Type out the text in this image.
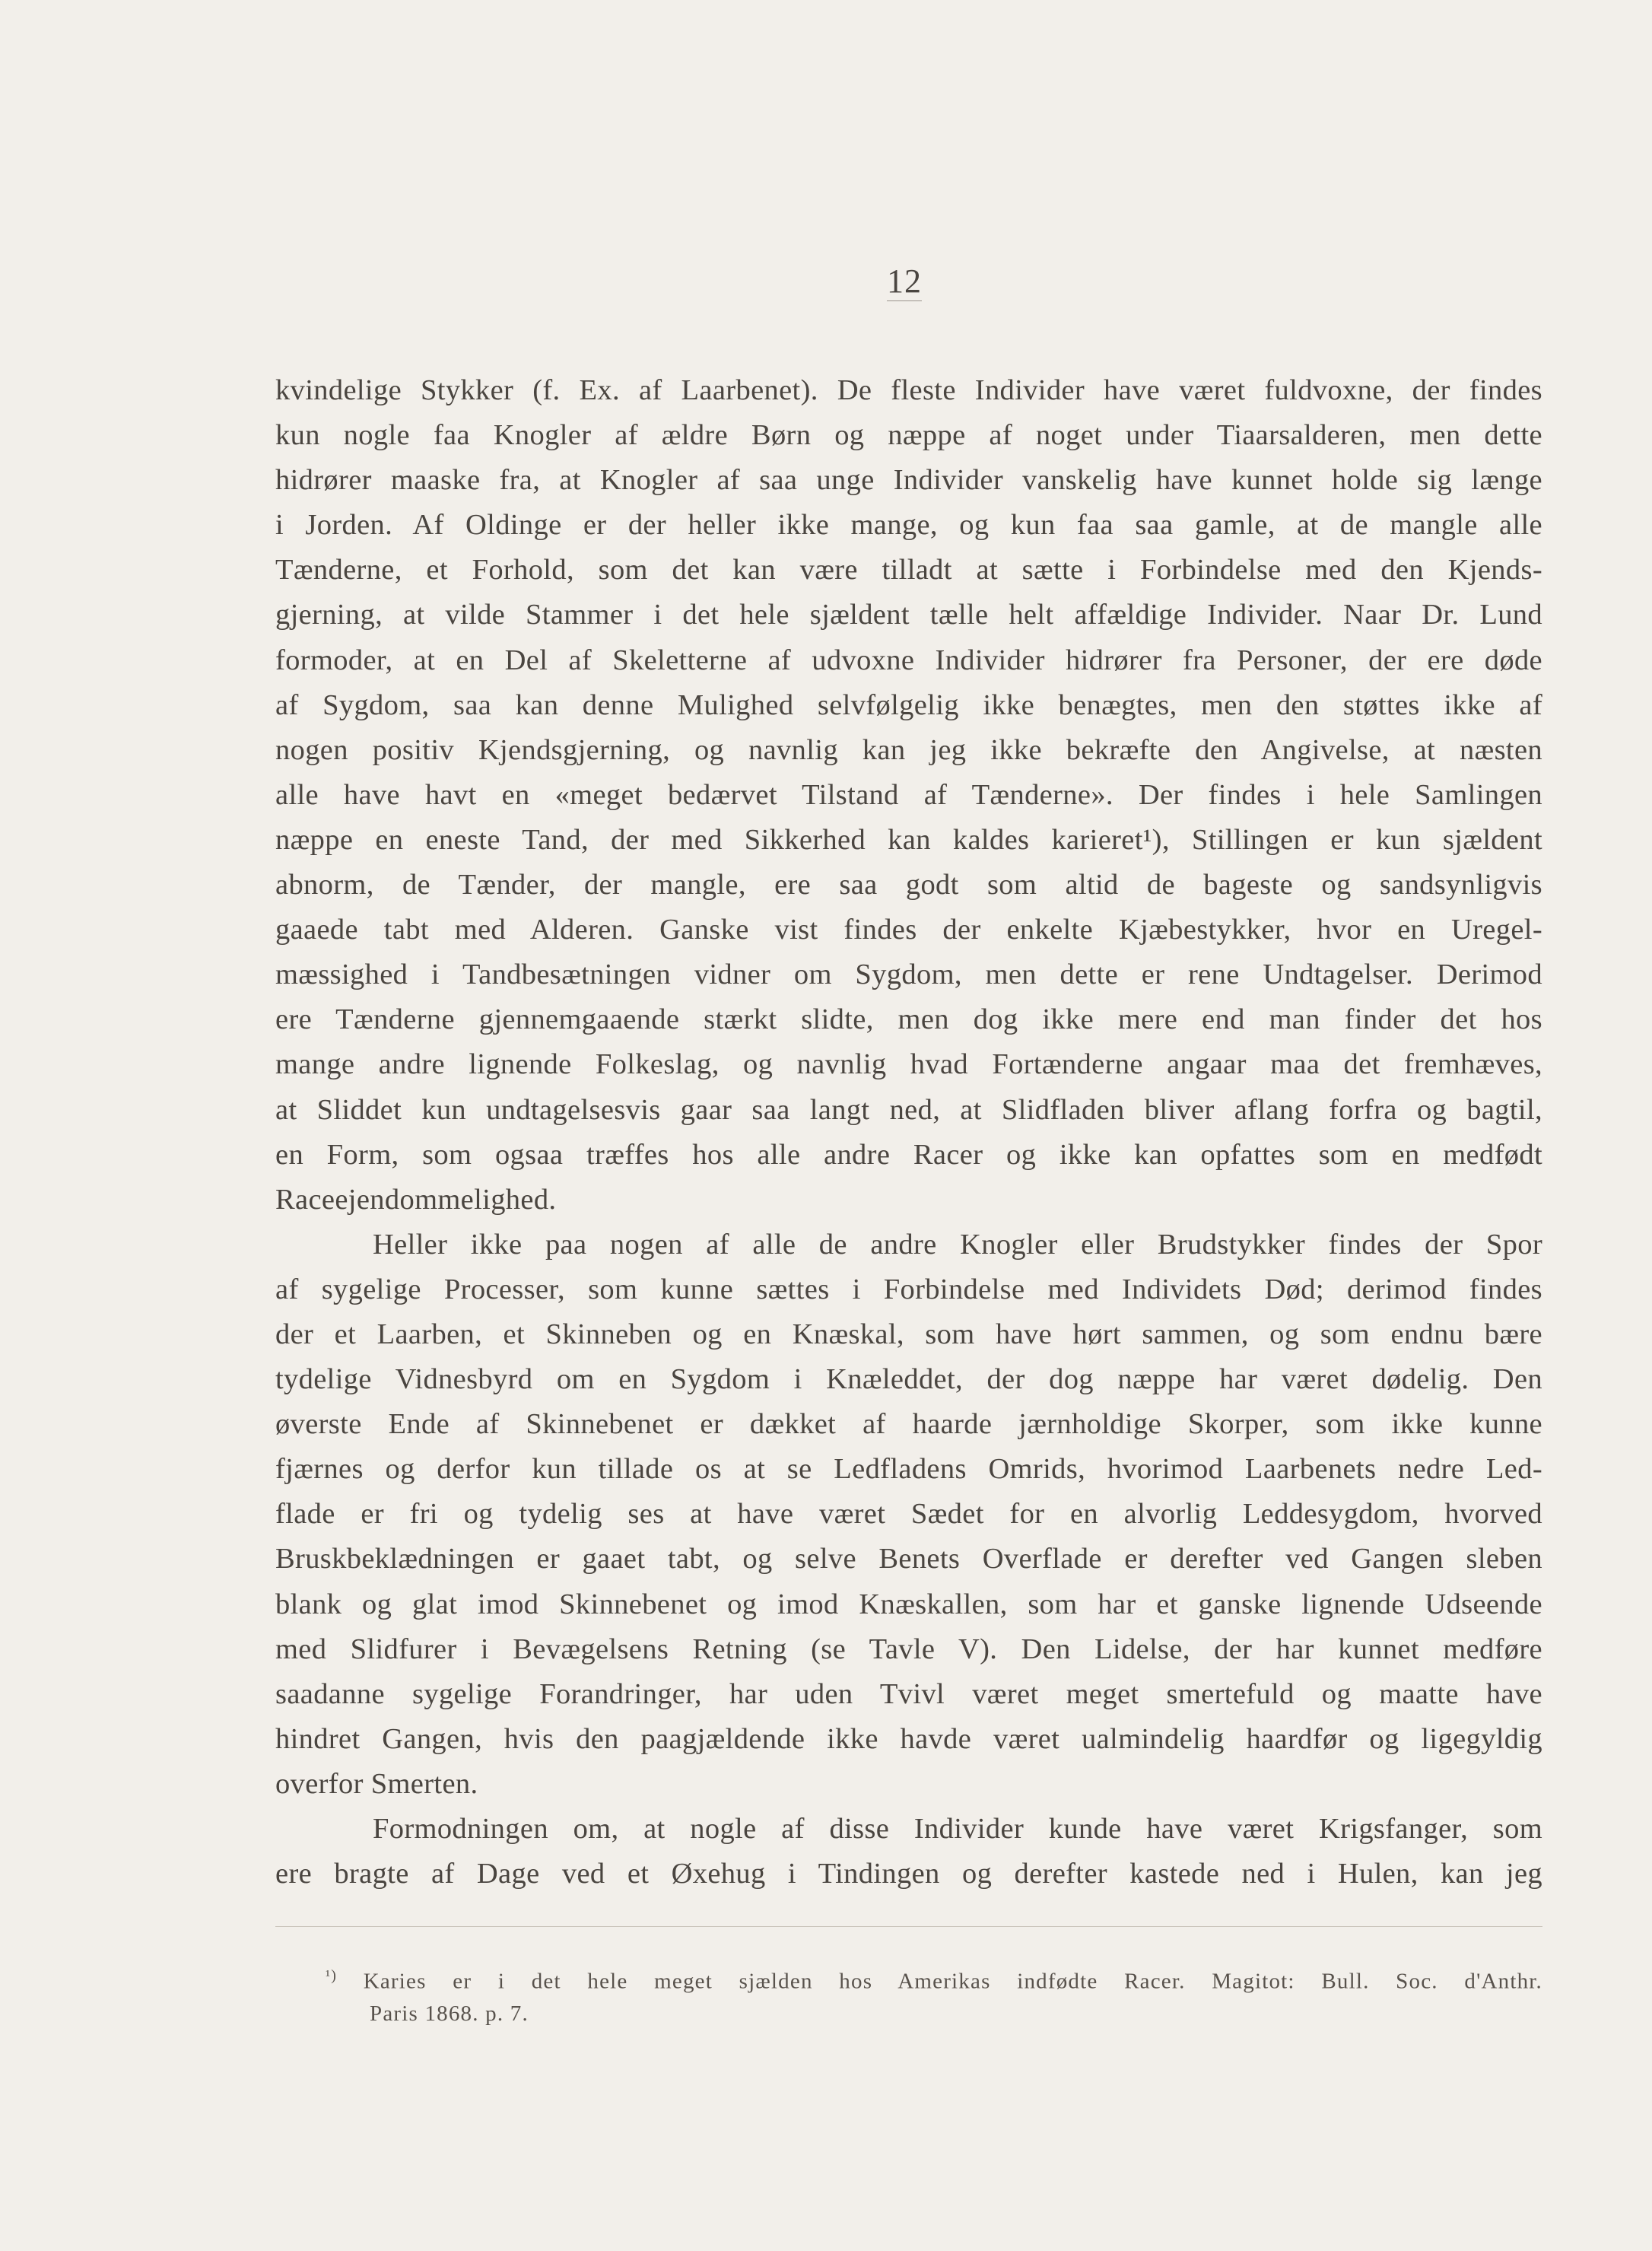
12
kvindelige Stykker (f. Ex. af Laarbenet). De fleste Individer have været fuldvoxne, der findes
kun nogle faa Knogler af ældre Børn og næppe af noget under Tiaarsalderen, men dette
hidrører maaske fra, at Knogler af saa unge Individer vanskelig have kunnet holde sig længe
i Jorden. Af Oldinge er der heller ikke mange, og kun faa saa gamle, at de mangle alle
Tænderne, et Forhold, som det kan være tilladt at sætte i Forbindelse med den Kjends-
gjerning, at vilde Stammer i det hele sjældent tælle helt affældige Individer. Naar Dr. Lund
formoder, at en Del af Skeletterne af udvoxne Individer hidrører fra Personer, der ere døde
af Sygdom, saa kan denne Mulighed selvfølgelig ikke benægtes, men den støttes ikke af
nogen positiv Kjendsgjerning, og navnlig kan jeg ikke bekræfte den Angivelse, at næsten
alle have havt en «meget bedærvet Tilstand af Tænderne». Der findes i hele Samlingen
næppe en eneste Tand, der med Sikkerhed kan kaldes karieret¹), Stillingen er kun sjældent
abnorm, de Tænder, der mangle, ere saa godt som altid de bageste og sandsynligvis
gaaede tabt med Alderen. Ganske vist findes der enkelte Kjæbestykker, hvor en Uregel-
mæssighed i Tandbesætningen vidner om Sygdom, men dette er rene Undtagelser. Derimod
ere Tænderne gjennemgaaende stærkt slidte, men dog ikke mere end man finder det hos
mange andre lignende Folkeslag, og navnlig hvad Fortænderne angaar maa det fremhæves,
at Sliddet kun undtagelsesvis gaar saa langt ned, at Slidfladen bliver aflang forfra og bagtil,
en Form, som ogsaa træffes hos alle andre Racer og ikke kan opfattes som en medfødt
Raceejendommelighed.
Heller ikke paa nogen af alle de andre Knogler eller Brudstykker findes der Spor
af sygelige Processer, som kunne sættes i Forbindelse med Individets Død; derimod findes
der et Laarben, et Skinneben og en Knæskal, som have hørt sammen, og som endnu bære
tydelige Vidnesbyrd om en Sygdom i Knæleddet, der dog næppe har været dødelig. Den
øverste Ende af Skinnebenet er dækket af haarde jærnholdige Skorper, som ikke kunne
fjærnes og derfor kun tillade os at se Ledfladens Omrids, hvorimod Laarbenets nedre Led-
flade er fri og tydelig ses at have været Sædet for en alvorlig Leddesygdom, hvorved
Bruskbeklædningen er gaaet tabt, og selve Benets Overflade er derefter ved Gangen sleben
blank og glat imod Skinnebenet og imod Knæskallen, som har et ganske lignende Udseende
med Slidfurer i Bevægelsens Retning (se Tavle V). Den Lidelse, der har kunnet medføre
saadanne sygelige Forandringer, har uden Tvivl været meget smertefuld og maatte have
hindret Gangen, hvis den paagjældende ikke havde været ualmindelig haardfør og ligegyldig
overfor Smerten.
Formodningen om, at nogle af disse Individer kunde have været Krigsfanger, som
ere bragte af Dage ved et Øxehug i Tindingen og derefter kastede ned i Hulen, kan jeg
$^{^1)}$ Karies er i det hele meget sjælden hos Amerikas indfødte Racer. Magitot: Bull. Soc. d'Anthr.
Paris 1868. p. 7.
